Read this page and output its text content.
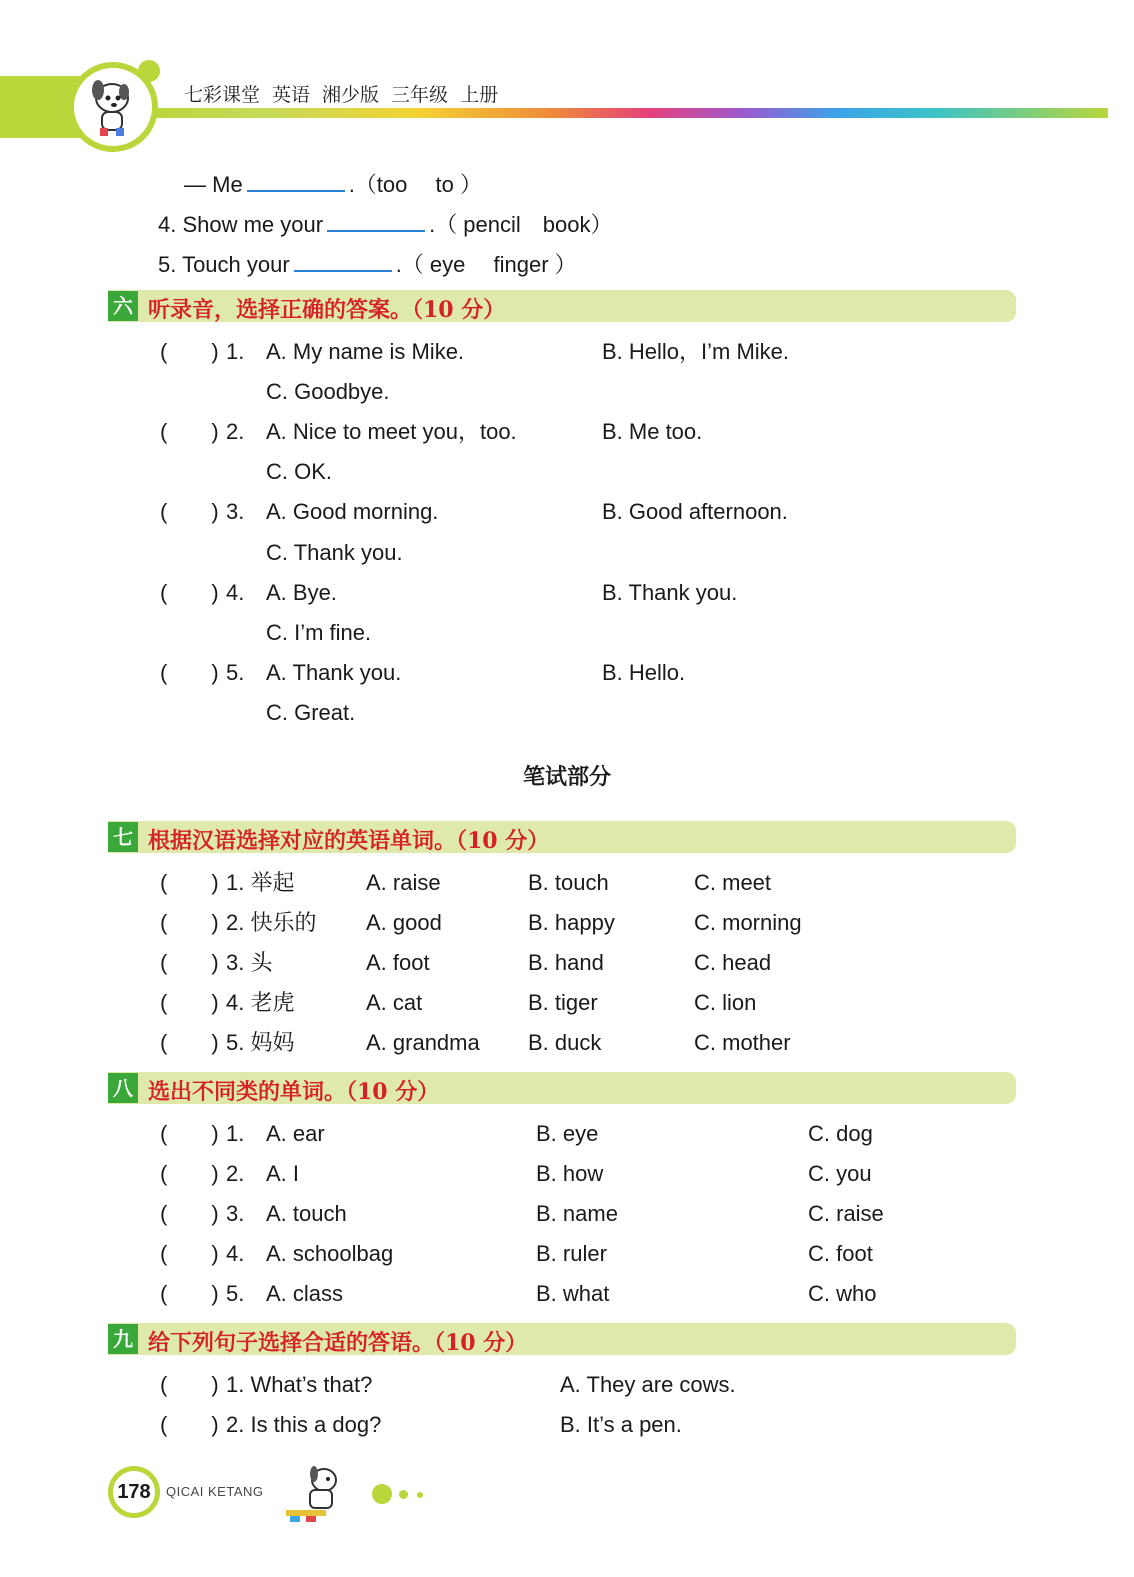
七彩课堂 英语 湘少版 三年级 上册
— Me	.（too　 to ）
4. Show me your	.（ pencil　book）
5. Touch your	.（ eye　 finger ）
六 听录音，选择正确的答案。（10 分）
(　　) 1. A. My name is Mike.	B. Hello，I’m Mike.
C. Goodbye.
(　　) 2. A. Nice to meet you，too.	B. Me too.
C. OK.
(　　) 3. A. Good morning.	B. Good afternoon.
C. Thank you.
(　　) 4. A. Bye.	B. Thank you.
C. I’m fine.
(　　) 5. A. Thank you.	B. Hello.
C. Great.
笔试部分
七 根据汉语选择对应的英语单词。（10 分）
(　　) 1. 举起	A. raise	B. touch	C. meet
(　　) 2. 快乐的 A. good	B. happy	C. morning
(　　) 3. 头	A. foot	B. hand	C. head
(　　) 4. 老虎	A. cat	B. tiger	C. lion
(　　) 5. 妈妈	A. grandma B. duck	C. mother
八 选出不同类的单词。（10 分）
(　　) 1. A. ear	B. eye	C. dog
(　　) 2. A. I	B. how	C. you
(　　) 3. A. touch	B. name	C. raise
(　　) 4. A. schoolbag	B. ruler	C. foot
(　　) 5. A. class	B. what	C. who
九 给下列句子选择合适的答语。（10 分）
(　　) 1. What’s that?	A. They are cows.
(　　) 2. Is this a dog?	B. It’s a pen.
178	QICAI KETANG
